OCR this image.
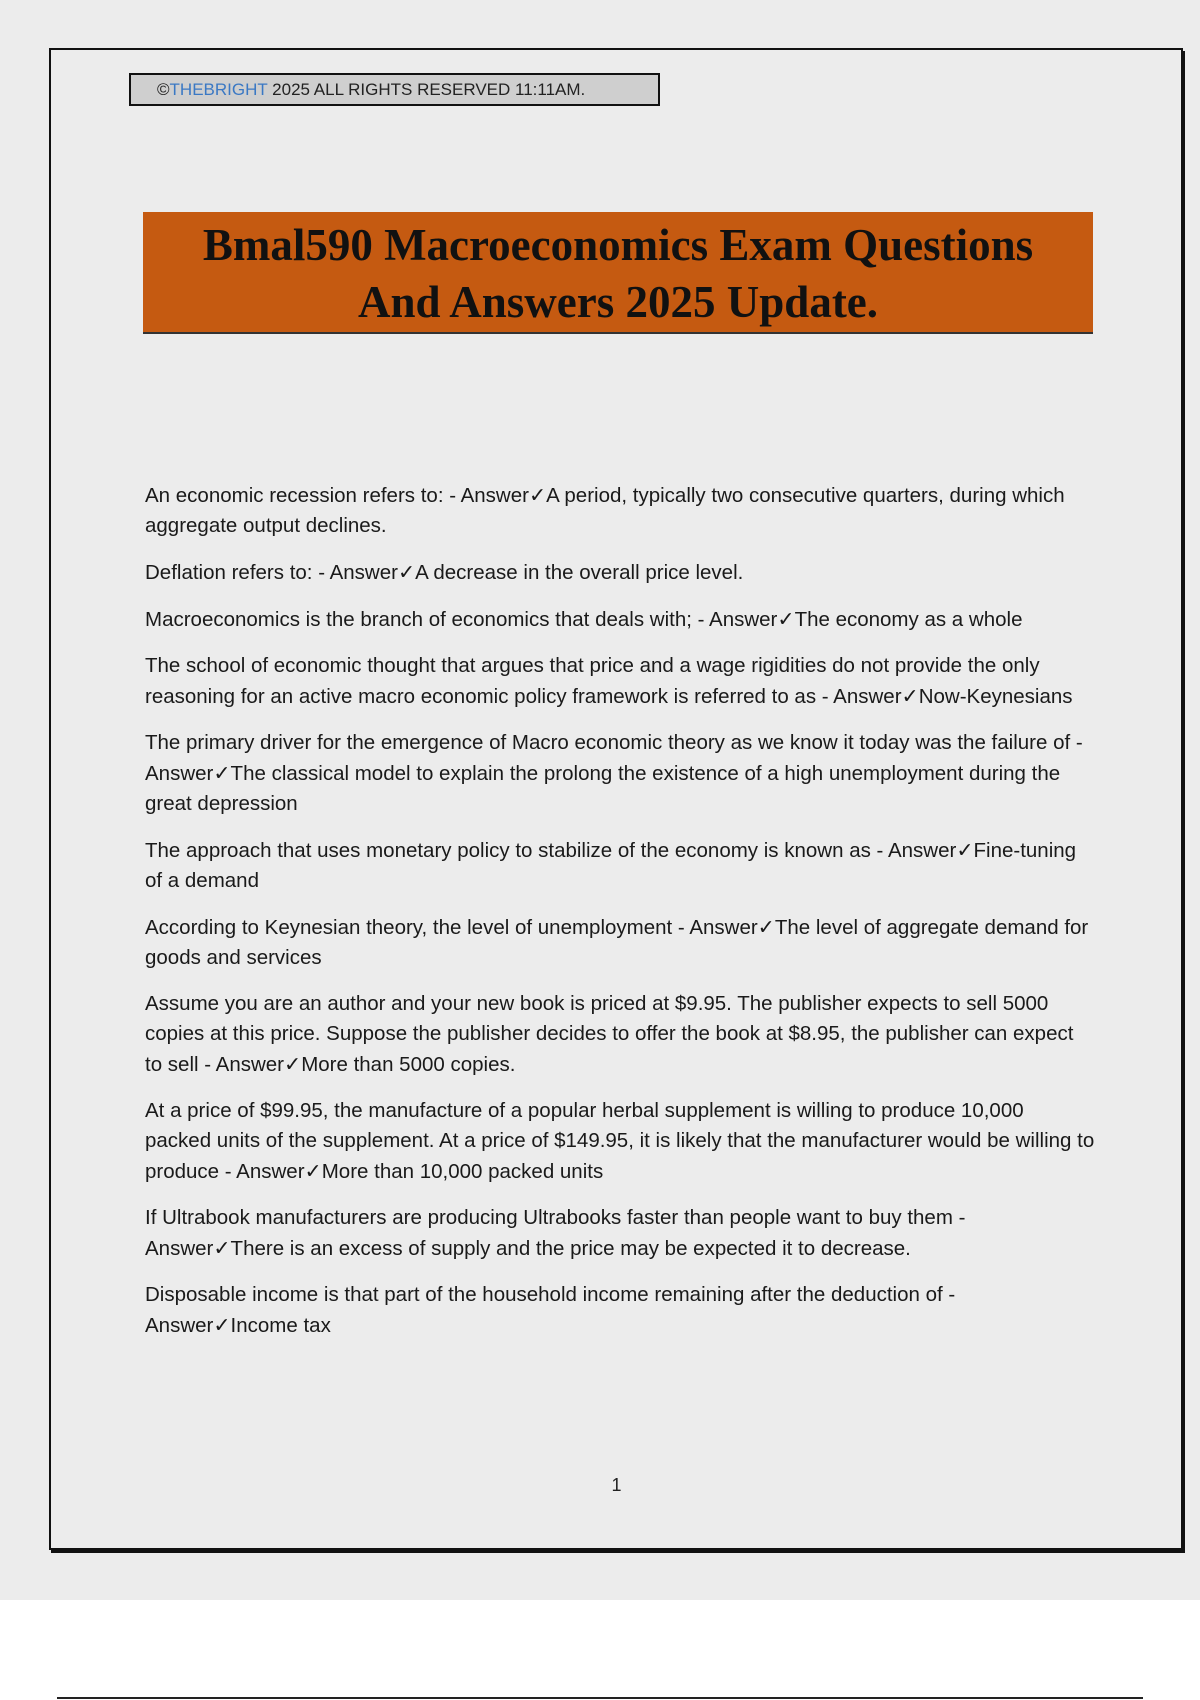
©THEBRIGHT 2025 ALL RIGHTS RESERVED 11:11AM.
Bmal590 Macroeconomics Exam Questions
And Answers 2025 Update.

An economic recession refers to: - Answer✓A period, typically two consecutive quarters, during which aggregate output declines.

Deflation refers to: - Answer✓A decrease in the overall price level.

Macroeconomics is the branch of economics that deals with; - Answer✓The economy as a whole

The school of economic thought that argues that price and a wage rigidities do not provide the only reasoning for an active macro economic policy framework is referred to as - Answer✓Now-Keynesians

The primary driver for the emergence of Macro economic theory as we know it today was the failure of - Answer✓The classical model to explain the prolong the existence of a high unemployment during the great depression

The approach that uses monetary policy to stabilize of the economy is known as - Answer✓Fine-tuning of a demand

According to Keynesian theory, the level of unemployment - Answer✓The level of aggregate demand for goods and services

Assume you are an author and your new book is priced at $9.95. The publisher expects to sell 5000 copies at this price. Suppose the publisher decides to offer the book at $8.95, the publisher can expect to sell - Answer✓More than 5000 copies.

At a price of $99.95, the manufacture of a popular herbal supplement is willing to produce 10,000 packed units of the supplement. At a price of $149.95, it is likely that the manufacturer would be willing to produce - Answer✓More than 10,000 packed units

If Ultrabook manufacturers are producing Ultrabooks faster than people want to buy them - Answer✓There is an excess of supply and the price may be expected it to decrease.

Disposable income is that part of the household income remaining after the deduction of - Answer✓Income tax

1
